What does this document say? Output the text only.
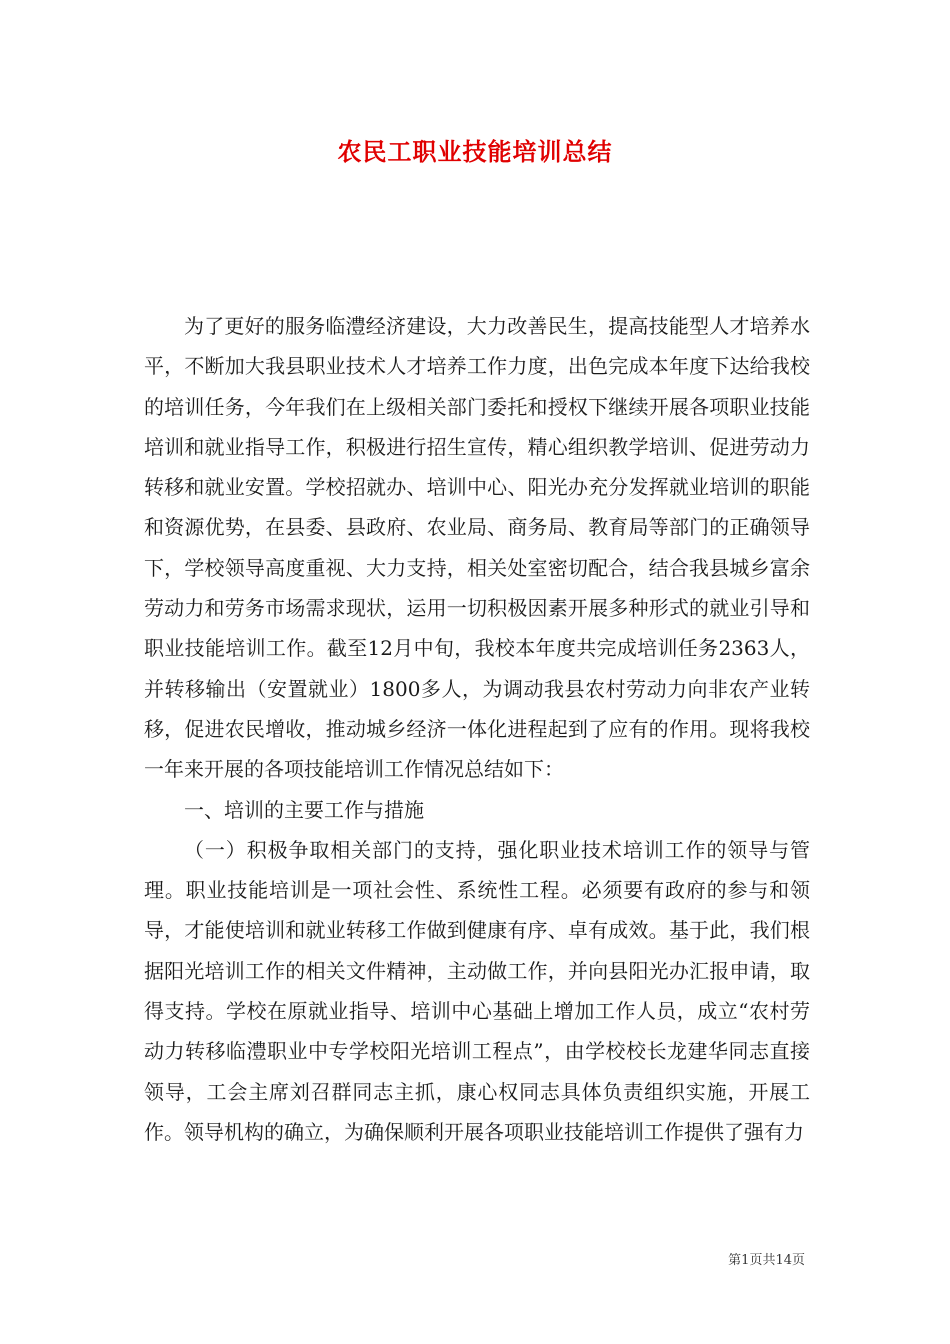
农民工职业技能培训总结

为了更好的服务临澧经济建设，大力改善民生，提高技能型人才培养水平，不断加大我县职业技术人才培养工作力度，出色完成本年度下达给我校的培训任务，今年我们在上级相关部门委托和授权下继续开展各项职业技能培训和就业指导工作，积极进行招生宣传，精心组织教学培训、促进劳动力转移和就业安置。学校招就办、培训中心、阳光办充分发挥就业培训的职能和资源优势，在县委、县政府、农业局、商务局、教育局等部门的正确领导下，学校领导高度重视、大力支持，相关处室密切配合，结合我县城乡富余劳动力和劳务市场需求现状，运用一切积极因素开展多种形式的就业引导和职业技能培训工作。截至12月中旬，我校本年度共完成培训任务2363人，并转移输出（安置就业）1800多人，为调动我县农村劳动力向非农产业转移，促进农民增收，推动城乡经济一体化进程起到了应有的作用。现将我校一年来开展的各项技能培训工作情况总结如下：

一、培训的主要工作与措施

（一）积极争取相关部门的支持，强化职业技术培训工作的领导与管理。职业技能培训是一项社会性、系统性工程。必须要有政府的参与和领导，才能使培训和就业转移工作做到健康有序、卓有成效。基于此，我们根据阳光培训工作的相关文件精神，主动做工作，并向县阳光办汇报申请，取得支持。学校在原就业指导、培训中心基础上增加工作人员，成立“农村劳动力转移临澧职业中专学校阳光培训工程点”，由学校校长龙建华同志直接领导，工会主席刘召群同志主抓，康心权同志具体负责组织实施，开展工作。领导机构的确立，为确保顺利开展各项职业技能培训工作提供了强有力

第1页共14页
